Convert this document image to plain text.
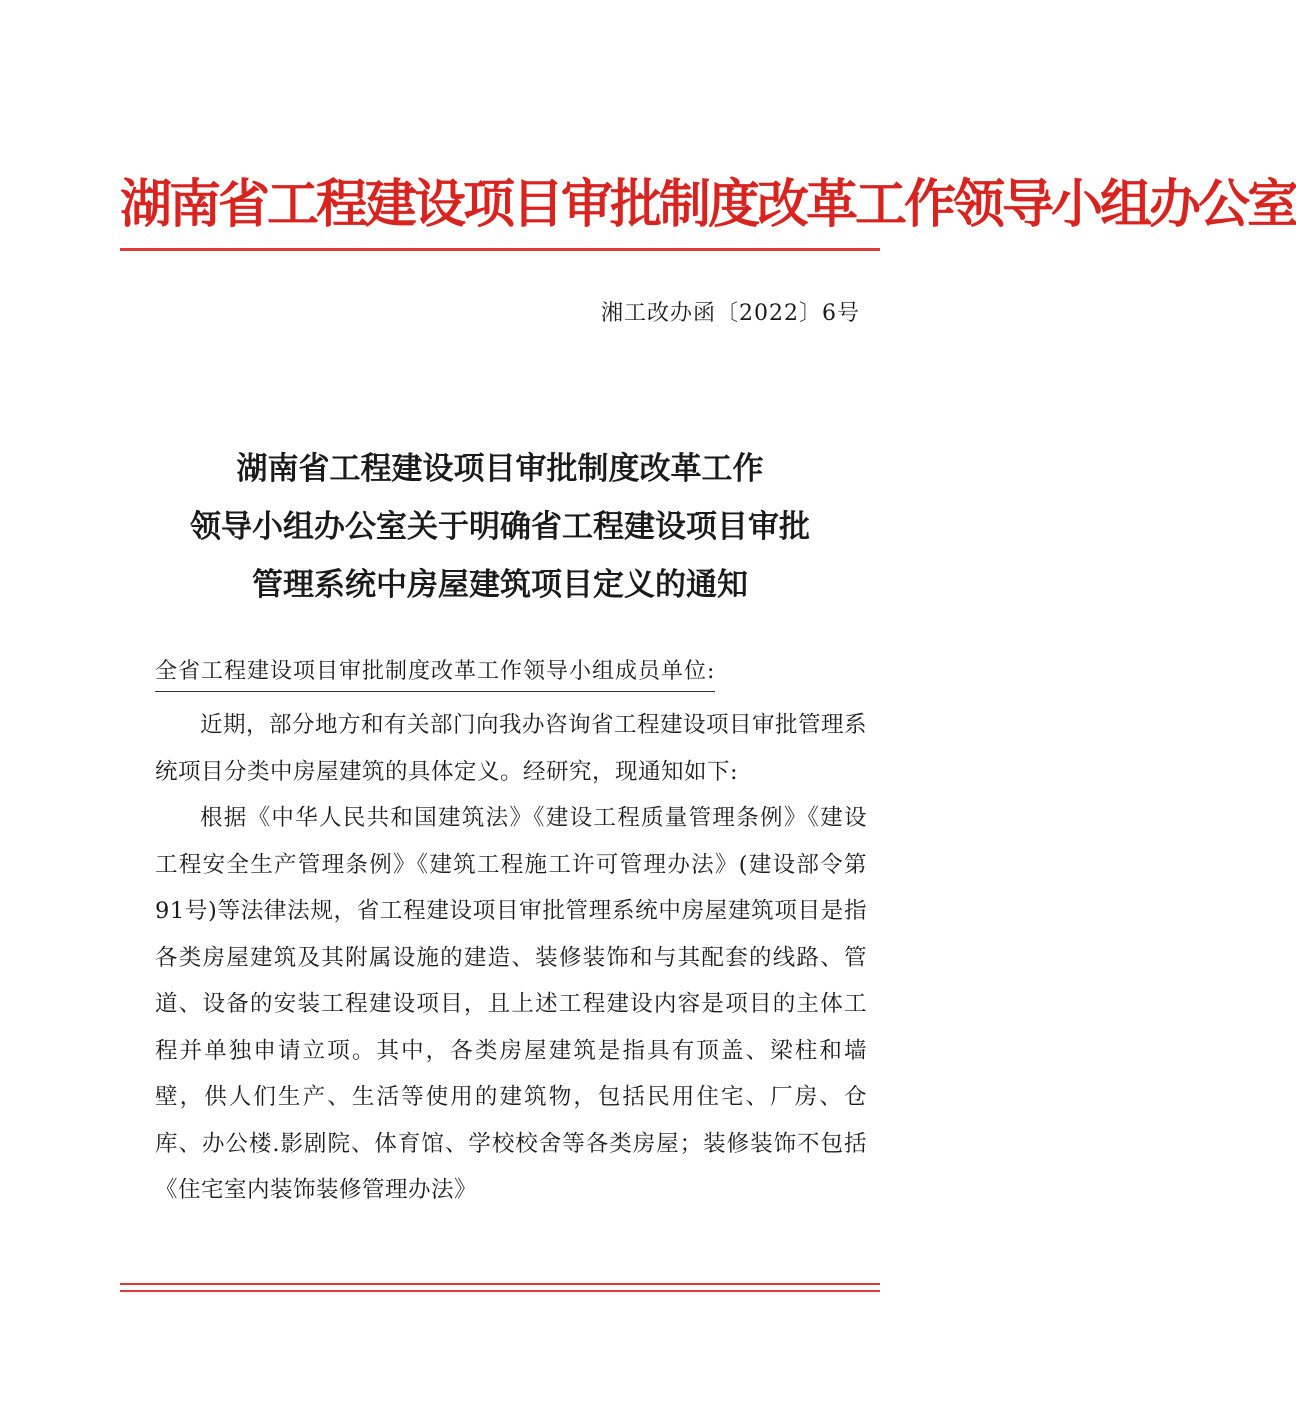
湖南省工程建设项目审批制度改革工作领导小组办公室
湘工改办函〔2022〕6号
湖南省工程建设项目审批制度改革工作
领导小组办公室关于明确省工程建设项目审批
管理系统中房屋建筑项目定义的通知
全省工程建设项目审批制度改革工作领导小组成员单位:

近期，部分地方和有关部门向我办咨询省工程建设项目审批管理系统项目分类中房屋建筑的具体定义。经研究，现通知如下:

根据《中华人民共和国建筑法》《建设工程质量管理条例》《建设工程安全生产管理条例》《建筑工程施工许可管理办法》(建设部令第91号)等法律法规，省工程建设项目审批管理系统中房屋建筑项目是指各类房屋建筑及其附属设施的建造、装修装饰和与其配套的线路、管道、设备的安装工程建设项目，且上述工程建设内容是项目的主体工程并单独申请立项。其中，各类房屋建筑是指具有顶盖、梁柱和墙壁，供人们生产、生活等使用的建筑物，包括民用住宅、厂房、仓库、办公楼.影剧院、体育馆、学校校舍等各类房屋；装修装饰不包括《住宅室内装饰装修管理办法》
